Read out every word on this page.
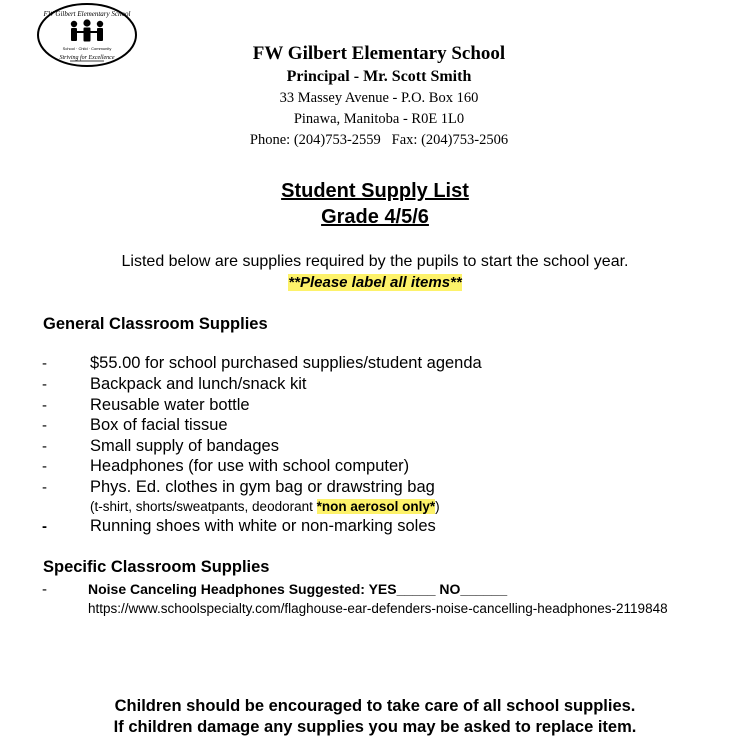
FW Gilbert Elementary School
School · Child · Community
Striving for Excellence	FW Gilbert Elementary School
Principal - Mr. Scott Smith
33 Massey Avenue - P.O. Box 160
Pinawa, Manitoba - R0E 1L0
Phone: (204)753-2559   Fax: (204)753-2506
Student Supply List
Grade 4/5/6
Listed below are supplies required by the pupils to start the school year.
**Please label all items**
General Classroom Supplies
-	$55.00 for school purchased supplies/student agenda
-	Backpack and lunch/snack kit
-	Reusable water bottle
-	Box of facial tissue
-	Small supply of bandages
-	Headphones (for use with school computer)
-	Phys. Ed. clothes in gym bag or drawstring bag
(t-shirt, shorts/sweatpants, deodorant *non aerosol only*)
-	Running shoes with white or non-marking soles
Specific Classroom Supplies
-	Noise Canceling Headphones Suggested: YES_____ NO______
https://www.schoolspecialty.com/flaghouse-ear-defenders-noise-cancelling-headphones-2119848
Children should be encouraged to take care of all school supplies.
If children damage any supplies you may be asked to replace item.
